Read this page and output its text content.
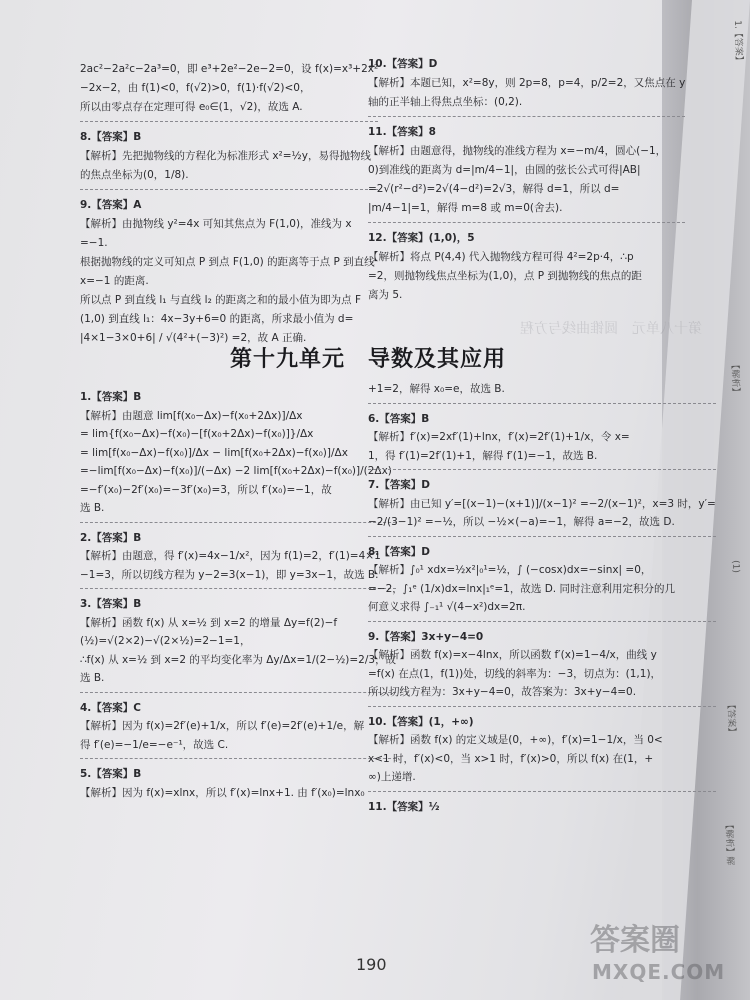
1.【答案】
【解析】
(1)
【答案】
【解析】解

2ac²−2a²c−2a³=0，即 e³+2e²−2e−2=0，设 f(x)=x³+2x²

−2x−2，由 f(1)<0，f(√2)>0，f(1)·f(√2)<0，

所以由零点存在定理可得 e₀∈(1，√2)，故选 A.

8.【答案】B

【解析】先把抛物线的方程化为标准形式 x²=½y，易得抛物线

的焦点坐标为(0，1/8).

9.【答案】A

【解析】由抛物线 y²=4x 可知其焦点为 F(1,0)，准线为 x

=−1.

根据抛物线的定义可知点 P 到点 F(1,0) 的距离等于点 P 到直线

x=−1 的距离.

所以点 P 到直线 l₁ 与直线 l₂ 的距离之和的最小值为即为点 F

(1,0) 到直线 l₁：4x−3y+6=0 的距离，所求最小值为 d=

|4×1−3×0+6| / √(4²+(−3)²) =2，故 A 正确.

10.【答案】D

【解析】本题已知，x²=8y，则 2p=8，p=4，p/2=2，又焦点在 y

轴的正半轴上得焦点坐标：(0,2).

11.【答案】8

【解析】由题意得，抛物线的准线方程为 x=−m/4，圆心(−1，

0)到准线的距离为 d=|m/4−1|，由圆的弦长公式可得|AB|

=2√(r²−d²)=2√(4−d²)=2√3，解得 d=1，所以 d=

|m/4−1|=1，解得 m=8 或 m=0(舍去).

12.【答案】(1,0)，5

【解析】将点 P(4,4) 代入抛物线方程可得 4²=2p·4，∴p

=2，则抛物线焦点坐标为(1,0)，点 P 到抛物线的焦点的距

离为 5.

第十八单元　圆锥曲线与方程
第十九单元　导数及其应用

1.【答案】B

【解析】由题意 lim[f(x₀−Δx)−f(x₀+2Δx)]/Δx

= lim{f(x₀−Δx)−f(x₀)−[f(x₀+2Δx)−f(x₀)]}/Δx

= lim[f(x₀−Δx)−f(x₀)]/Δx − lim[f(x₀+2Δx)−f(x₀)]/Δx

=−lim[f(x₀−Δx)−f(x₀)]/(−Δx) −2 lim[f(x₀+2Δx)−f(x₀)]/(2Δx)

=−f′(x₀)−2f′(x₀)=−3f′(x₀)=3，所以 f′(x₀)=−1，故

选 B.

2.【答案】B

【解析】由题意，得 f′(x)=4x−1/x²，因为 f(1)=2，f′(1)=4×1

−1=3，所以切线方程为 y−2=3(x−1)，即 y=3x−1，故选 B.

3.【答案】B

【解析】函数 f(x) 从 x=½ 到 x=2 的增量 Δy=f(2)−f

(½)=√(2×2)−√(2×½)=2−1=1，

∴f(x) 从 x=½ 到 x=2 的平均变化率为 Δy/Δx=1/(2−½)=2/3，故

选 B.

4.【答案】C

【解析】因为 f(x)=2f′(e)+1/x，所以 f′(e)=2f′(e)+1/e，解

得 f′(e)=−1/e=−e⁻¹，故选 C.

5.【答案】B

【解析】因为 f(x)=xlnx，所以 f′(x)=lnx+1. 由 f′(x₀)=lnx₀

+1=2，解得 x₀=e，故选 B.

6.【答案】B

【解析】f′(x)=2xf′(1)+lnx，f′(x)=2f′(1)+1/x，令 x=

1，得 f′(1)=2f′(1)+1，解得 f′(1)=−1，故选 B.

7.【答案】D

【解析】由已知 y′=[(x−1)−(x+1)]/(x−1)² =−2/(x−1)²，x=3 时，y′=

−2/(3−1)² =−½，所以 −½×(−a)=−1，解得 a=−2，故选 D.

8.【答案】D

【解析】∫₀¹ xdx=½x²|₀¹=½，∫ (−cosx)dx=−sinx| =0，

=−2，∫₁ᵉ (1/x)dx=lnx|₁ᵉ=1，故选 D. 同时注意利用定积分的几

何意义求得 ∫₋₁¹ √(4−x²)dx=2π.

9.【答案】3x+y−4=0

【解析】函数 f(x)=x−4lnx，所以函数 f′(x)=1−4/x，曲线 y

=f(x) 在点(1，f(1))处，切线的斜率为：−3，切点为：(1,1)，

所以切线方程为：3x+y−4=0，故答案为：3x+y−4=0.

10.【答案】(1，+∞)

【解析】函数 f(x) 的定义域是(0，+∞)，f′(x)=1−1/x，当 0<

x<1 时，f′(x)<0，当 x>1 时，f′(x)>0，所以 f(x) 在(1，+

∞)上递增.

11.【答案】½

190
答案圈
MXQE.COM
